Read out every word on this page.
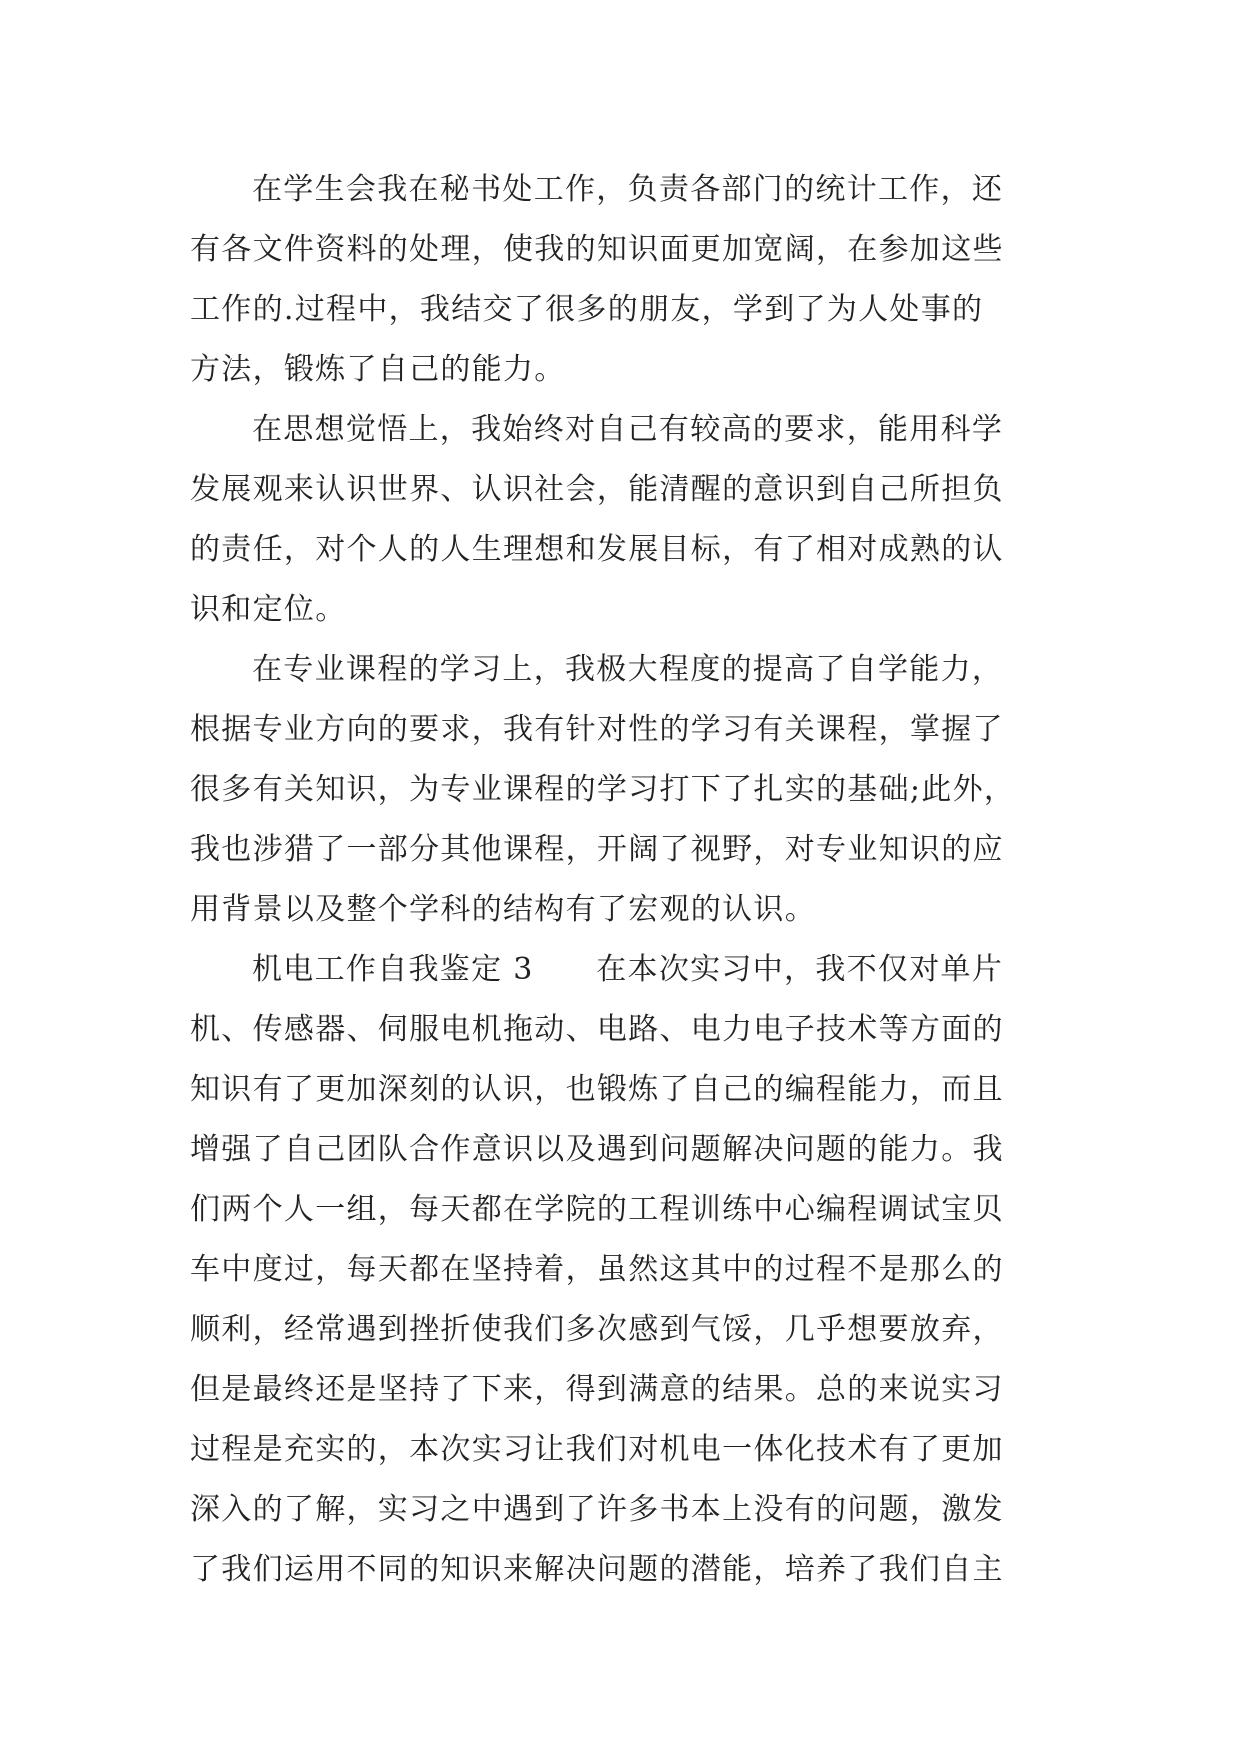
在学生会我在秘书处工作，负责各部门的统计工作，还
有各文件资料的处理，使我的知识面更加宽阔，在参加这些
工作的.过程中，我结交了很多的朋友，学到了为人处事的
方法，锻炼了自己的能力。

在思想觉悟上，我始终对自己有较高的要求，能用科学
发展观来认识世界、认识社会，能清醒的意识到自己所担负
的责任，对个人的人生理想和发展目标，有了相对成熟的认
识和定位。

在专业课程的学习上，我极大程度的提高了自学能力，
根据专业方向的要求，我有针对性的学习有关课程，掌握了
很多有关知识，为专业课程的学习打下了扎实的基础;此外，
我也涉猎了一部分其他课程，开阔了视野，对专业知识的应
用背景以及整个学科的结构有了宏观的认识。

机电工作自我鉴定 3　　在本次实习中，我不仅对单片
机、传感器、伺服电机拖动、电路、电力电子技术等方面的
知识有了更加深刻的认识，也锻炼了自己的编程能力，而且
增强了自己团队合作意识以及遇到问题解决问题的能力。我
们两个人一组，每天都在学院的工程训练中心编程调试宝贝
车中度过，每天都在坚持着，虽然这其中的过程不是那么的
顺利，经常遇到挫折使我们多次感到气馁，几乎想要放弃，
但是最终还是坚持了下来，得到满意的结果。总的来说实习
过程是充实的，本次实习让我们对机电一体化技术有了更加
深入的了解，实习之中遇到了许多书本上没有的问题，激发
了我们运用不同的知识来解决问题的潜能，培养了我们自主
